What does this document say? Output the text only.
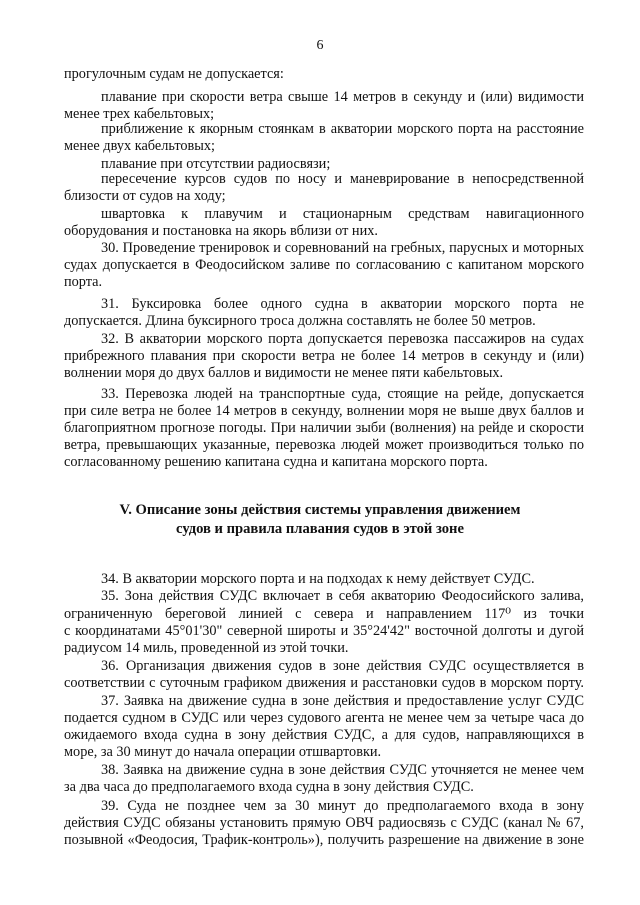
6
прогулочным судам не допускается:
плавание при скорости ветра свыше 14 метров в секунду и (или) видимости
менее трех кабельтовых;
приближение к якорным стоянкам в акватории морского порта на расстояние
менее двух кабельтовых;
плавание при отсутствии радиосвязи;
пересечение курсов судов по носу и маневрирование в непосредственной
близости от судов на ходу;
швартовка к плавучим и стационарным средствам навигационного
оборудования и постановка на якорь вблизи от них.
30. Проведение тренировок и соревнований на гребных, парусных и моторных
судах допускается в Феодосийском заливе по согласованию с капитаном морского
порта.
31. Буксировка более одного судна в акватории морского порта не
допускается. Длина буксирного троса должна составлять не более 50 метров.
32. В акватории морского порта допускается перевозка пассажиров на судах
прибрежного плавания при скорости ветра не более 14 метров в секунду и (или)
волнении моря до двух баллов и видимости не менее пяти кабельтовых.
33. Перевозка людей на транспортные суда, стоящие на рейде, допускается
при силе ветра не более 14 метров в секунду, волнении моря не выше двух баллов и
благоприятном прогнозе погоды. При наличии зыби (волнения) на рейде и скорости
ветра, превышающих указанные, перевозка людей может производиться только по
согласованному решению капитана судна и капитана морского порта.
V. Описание зоны действия системы управления движением
судов и правила плавания судов в этой зоне
34. В акватории морского порта и на подходах к нему действует СУДС.
35. Зона действия СУДС включает в себя акваторию Феодосийского залива,
ограниченную береговой линией с севера и направлением 117⁰ из точки
с координатами 45°01'30" северной широты и 35°24'42" восточной долготы и дугой
радиусом 14 миль, проведенной из этой точки.
36. Организация движения судов в зоне действия СУДС осуществляется в
соответствии с суточным графиком движения и расстановки судов в морском порту.
37. Заявка на движение судна в зоне действия и предоставление услуг СУДС
подается судном в СУДС или через судового агента не менее чем за четыре часа до
ожидаемого входа судна в зону действия СУДС, а для судов, направляющихся в
море, за 30 минут до начала операции отшвартовки.
38. Заявка на движение судна в зоне действия СУДС уточняется не менее чем
за два часа до предполагаемого входа судна в зону действия СУДС.
39. Суда не позднее чем за 30 минут до предполагаемого входа в зону
действия СУДС обязаны установить прямую ОВЧ радиосвязь с СУДС (канал № 67,
позывной «Феодосия, Трафик-контроль»), получить разрешение на движение в зоне
